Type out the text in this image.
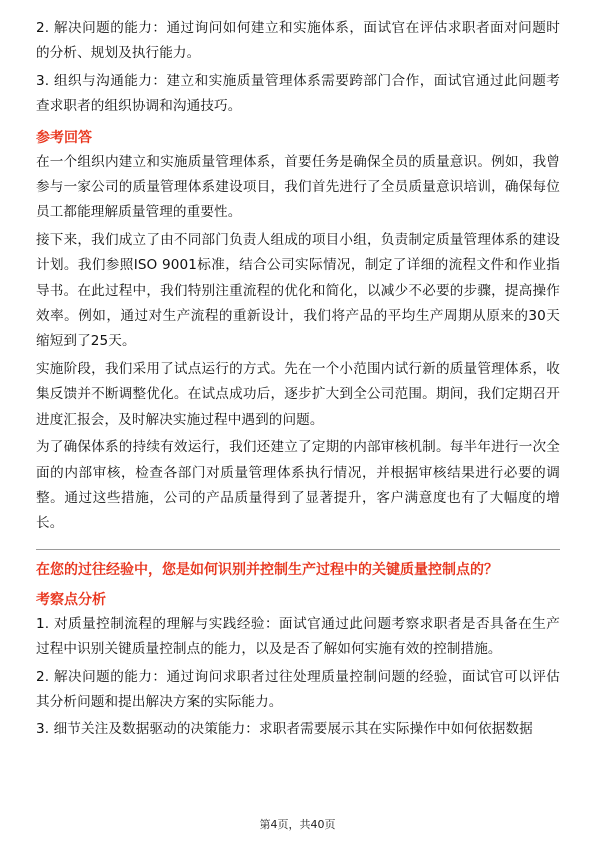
2. 解决问题的能力：通过询问如何建立和实施体系，面试官在评估求职者面对问题时的分析、规划及执行能力。

3. 组织与沟通能力：建立和实施质量管理体系需要跨部门合作，面试官通过此问题考查求职者的组织协调和沟通技巧。

参考回答

在一个组织内建立和实施质量管理体系，首要任务是确保全员的质量意识。例如，我曾参与一家公司的质量管理体系建设项目，我们首先进行了全员质量意识培训，确保每位员工都能理解质量管理的重要性。

接下来，我们成立了由不同部门负责人组成的项目小组，负责制定质量管理体系的建设计划。我们参照ISO 9001标准，结合公司实际情况，制定了详细的流程文件和作业指导书。在此过程中，我们特别注重流程的优化和简化，以减少不必要的步骤，提高操作效率。例如，通过对生产流程的重新设计，我们将产品的平均生产周期从原来的30天缩短到了25天。

实施阶段，我们采用了试点运行的方式。先在一个小范围内试行新的质量管理体系，收集反馈并不断调整优化。在试点成功后，逐步扩大到全公司范围。期间，我们定期召开进度汇报会，及时解决实施过程中遇到的问题。

为了确保体系的持续有效运行，我们还建立了定期的内部审核机制。每半年进行一次全面的内部审核，检查各部门对质量管理体系执行情况，并根据审核结果进行必要的调整。通过这些措施，公司的产品质量得到了显著提升，客户满意度也有了大幅度的增长。

在您的过往经验中，您是如何识别并控制生产过程中的关键质量控制点的？

考察点分析

1. 对质量控制流程的理解与实践经验：面试官通过此问题考察求职者是否具备在生产过程中识别关键质量控制点的能力，以及是否了解如何实施有效的控制措施。

2. 解决问题的能力：通过询问求职者过往处理质量控制问题的经验，面试官可以评估其分析问题和提出解决方案的实际能力。

3. 细节关注及数据驱动的决策能力：求职者需要展示其在实际操作中如何依据数据

第4页，共40页
